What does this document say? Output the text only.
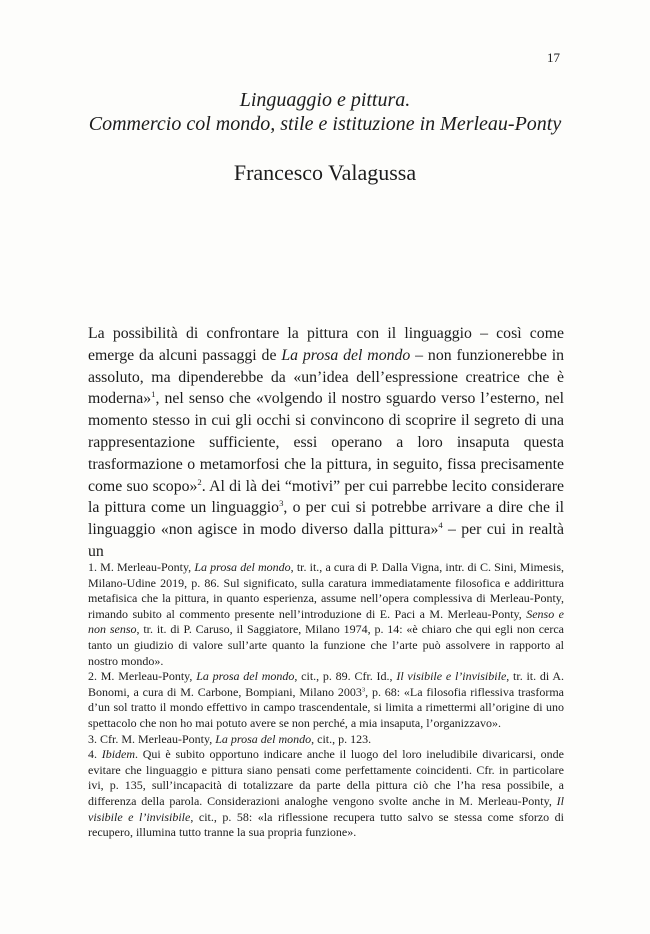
17
Linguaggio e pittura.
Commercio col mondo, stile e istituzione in Merleau-Ponty
Francesco Valagussa

La possibilità di confrontare la pittura con il linguaggio – così come emerge da alcuni passaggi de La prosa del mondo – non funzionerebbe in assoluto, ma dipenderebbe da «un’idea dell’espressione creatrice che è moderna»$^1$, nel senso che «volgendo il nostro sguardo verso l’esterno, nel momento stesso in cui gli occhi si convincono di scoprire il segreto di una rappresentazione sufficiente, essi operano a loro insaputa questa trasformazione o metamorfosi che la pittura, in seguito, fissa precisamente come suo scopo»$^2$. Al di là dei “motivi” per cui parrebbe lecito considerare la pittura come un linguaggio$^3$, o per cui si potrebbe arrivare a dire che il linguaggio «non agisce in modo diverso dalla pittura»$^4$ – per cui in realtà un

1. M. Merleau-Ponty, La prosa del mondo, tr. it., a cura di P. Dalla Vigna, intr. di C. Sini, Mimesis, Milano-Udine 2019, p. 86. Sul significato, sulla caratura immediatamente filosofica e addirittura metafisica che la pittura, in quanto esperienza, assume nell’opera complessiva di Merleau-Ponty, rimando subito al commento presente nell’introduzione di E. Paci a M. Merleau-Ponty, Senso e non senso, tr. it. di P. Caruso, il Saggiatore, Milano 1974, p. 14: «è chiaro che qui egli non cerca tanto un giudizio di valore sull’arte quanto la funzione che l’arte può assolvere in rapporto al nostro mondo».

2. M. Merleau-Ponty, La prosa del mondo, cit., p. 89. Cfr. Id., Il visibile e l’invisibile, tr. it. di A. Bonomi, a cura di M. Carbone, Bompiani, Milano 2003$^3$, p. 68: «La filosofia riflessiva trasforma d’un sol tratto il mondo effettivo in campo trascendentale, si limita a rimettermi all’origine di uno spettacolo che non ho mai potuto avere se non perché, a mia insaputa, l’organizzavo».

3. Cfr. M. Merleau-Ponty, La prosa del mondo, cit., p. 123.

4. Ibidem. Qui è subito opportuno indicare anche il luogo del loro ineludibile divaricarsi, onde evitare che linguaggio e pittura siano pensati come perfettamente coincidenti. Cfr. in particolare ivi, p. 135, sull’incapacità di totalizzare da parte della pittura ciò che l’ha resa possibile, a differenza della parola. Considerazioni analoghe vengono svolte anche in M. Merleau-Ponty, Il visibile e l’invisibile, cit., p. 58: «la riflessione recupera tutto salvo se stessa come sforzo di recupero, illumina tutto tranne la sua propria funzione».
